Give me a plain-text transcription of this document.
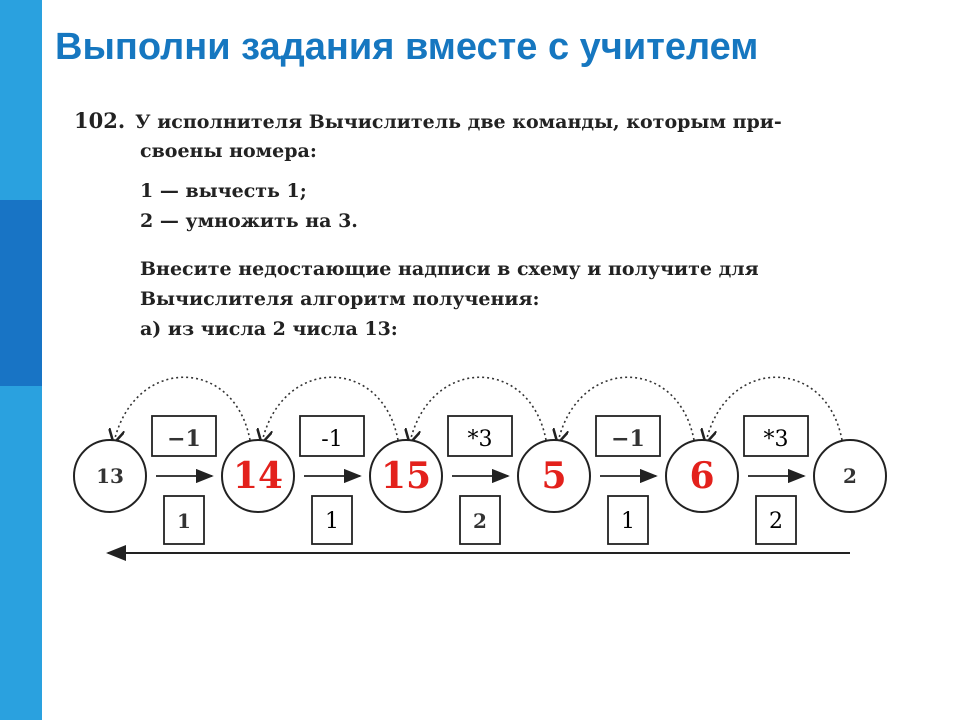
Выполни задания вместе с учителем
102. У исполнителя Вычислитель две команды, которым при-
своены номера:
1 — вычесть 1;
2 — умножить на 3.
Внесите недостающие надписи в схему и получите для
Вычислителя алгоритм получения:
а) из числа 2 числа 13:
−1
1
-1
1
*3
2
−1
1
*3
2
13	14	15	5	6	2
